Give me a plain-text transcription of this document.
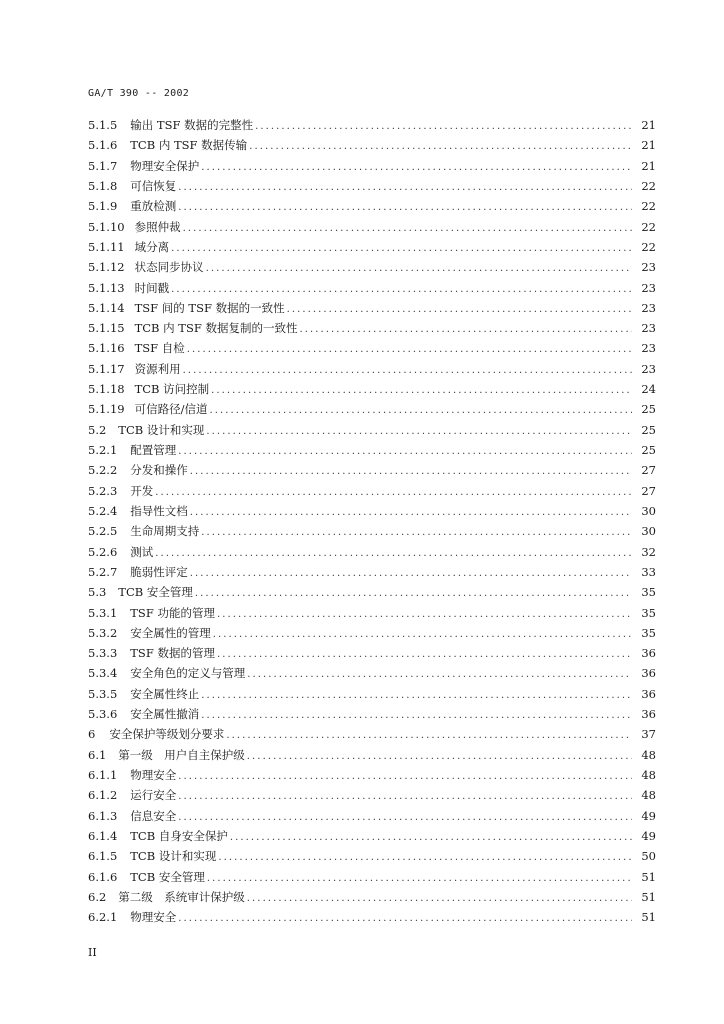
GA/T 390 -- 2002
5.1.5 输出 TSF 数据的完整性 . . .	21
5.1.6 TCB 内 TSF 数据传输 . . .	21
5.1.7 物理安全保护 . . .	21
5.1.8 可信恢复 . . .	22
5.1.9 重放检测 . . .	22
5.1.10 参照仲裁 . . .	22
5.1.11 域分离 . . .	22
5.1.12 状态同步协议 . . .	23
5.1.13 时间戳 . . .	23
5.1.14 TSF 间的 TSF 数据的一致性 . . .	23
5.1.15 TCB 内 TSF 数据复制的一致性 . . .	23
5.1.16 TSF 自检 . . .	23
5.1.17 资源利用 . . .	23
5.1.18 TCB 访问控制 . . .	24
5.1.19 可信路径/信道 . . .	25
5.2 TCB 设计和实现 . . .	25
5.2.1 配置管理 . . .	25
5.2.2 分发和操作 . . .	27
5.2.3 开发 . . .	27
5.2.4 指导性文档 . . .	30
5.2.5 生命周期支持 . . .	30
5.2.6 测试 . . .	32
5.2.7 脆弱性评定 . . .	33
5.3 TCB 安全管理 . . .	35
5.3.1 TSF 功能的管理 . . .	35
5.3.2 安全属性的管理 . . .	35
5.3.3 TSF 数据的管理 . . .	36
5.3.4 安全角色的定义与管理 . . .	36
5.3.5 安全属性终止 . . .	36
5.3.6 安全属性撤消 . . .	36
6 安全保护等级划分要求 . . .	37
6.1 第一级　用户自主保护级 . . .	48
6.1.1 物理安全 . . .	48
6.1.2 运行安全 . . .	48
6.1.3 信息安全 . . .	49
6.1.4 TCB 自身安全保护 . . .	49
6.1.5 TCB 设计和实现 . . .	50
6.1.6 TCB 安全管理 . . .	51
6.2 第二级　系统审计保护级 . . .	51
6.2.1 物理安全 . . .	51
II
